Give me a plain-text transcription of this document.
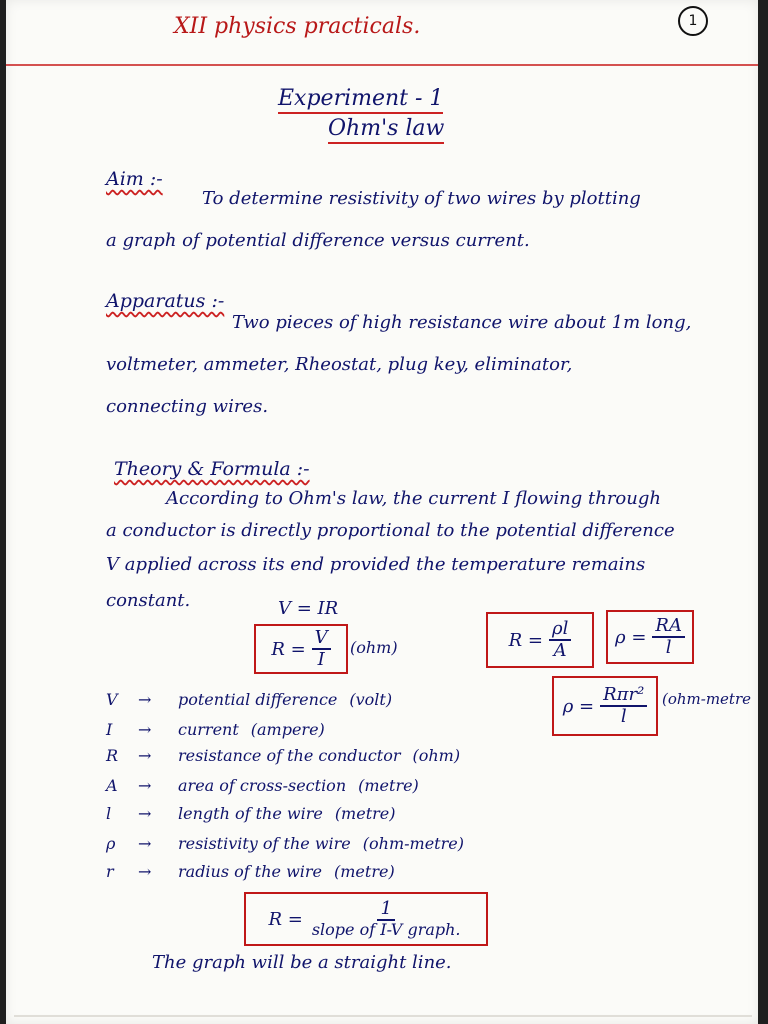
XII physics practicals.	1
Experiment - 1
Ohm's law
Aim :-
To determine resistivity of two wires by plotting
a graph of potential difference versus current.
Apparatus :-
Two pieces of high resistance wire about 1m long,
voltmeter, ammeter, Rheostat, plug key, eliminator,
connecting wires.
Theory & Formula :-
According to Ohm's law, the current I flowing through
a conductor is directly proportional to the potential difference
V applied across its end provided the temperature remains
constant.	V = IR
$R = \frac{V}{I} (ohm)$	$R = \frac{\rho l}{A}$ $\rho = \frac{RA}{l}$
$\rho = \frac{\text{Rπr²}}{l}$ (ohm-metre
V	→	potential difference (volt)
I	→	current (ampere)
R	→	resistance of the conductor (ohm)
A	→	area of cross-section (metre)
l	→	length of the wire (metre)
ρ	→	resistivity of the wire (ohm-metre)
r	→	radius of the wire (metre)
$R = \frac{1}{\text{slope of I-V graph.}}$
The graph will be a straight line.
